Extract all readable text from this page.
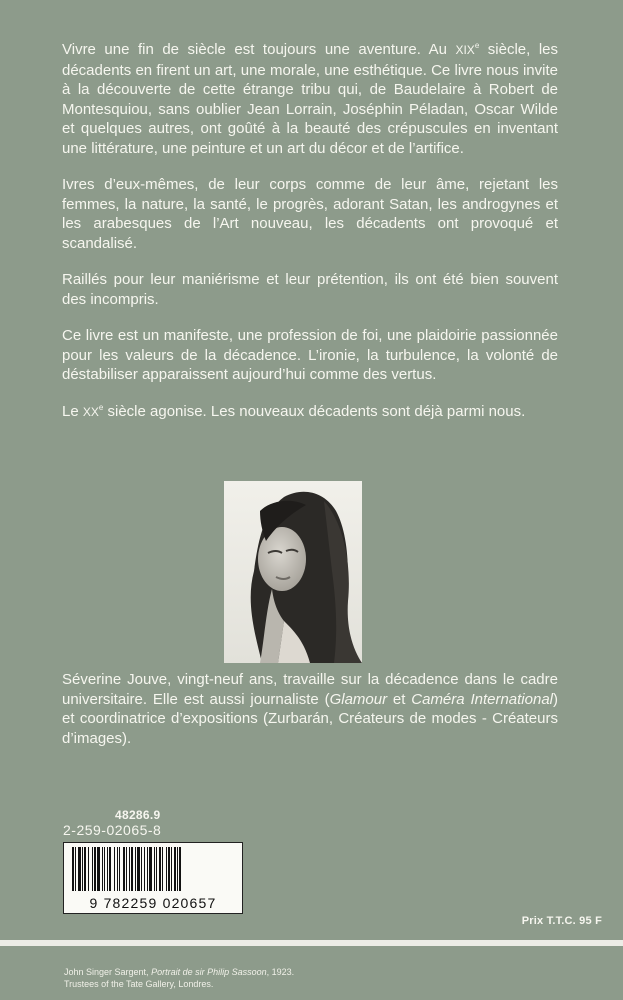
Vivre une fin de siècle est toujours une aventure. Au XIXe siècle, les décadents en firent un art, une morale, une esthétique. Ce livre nous invite à la découverte de cette étrange tribu qui, de Baudelaire à Robert de Montesquiou, sans oublier Jean Lorrain, Joséphin Péladan, Oscar Wilde et quelques autres, ont goûté à la beauté des crépuscules en inventant une littérature, une peinture et un art du décor et de l’artifice.

Ivres d’eux-mêmes, de leur corps comme de leur âme, rejetant les femmes, la nature, la santé, le progrès, adorant Satan, les androgynes et les arabesques de l’Art nouveau, les décadents ont provoqué et scandalisé.

Raillés pour leur maniérisme et leur prétention, ils ont été bien souvent des incompris.

Ce livre est un manifeste, une profession de foi, une plaidoirie passionnée pour les valeurs de la décadence. L’ironie, la turbulence, la volonté de déstabiliser apparaissent aujourd’hui comme des vertus.

Le XXe siècle agonise. Les nouveaux décadents sont déjà parmi nous.

Séverine Jouve, vingt-neuf ans, travaille sur la décadence dans le cadre universitaire. Elle est aussi journaliste (Glamour et Caméra International) et coordinatrice d’expositions (Zurbarán, Créateurs de modes - Créateurs d’images).
48286.9
2-259-02065-8
9 782259 020657
Prix T.T.C. 95 F
John Singer Sargent, Portrait de sir Philip Sassoon, 1923.
Trustees of the Tate Gallery, Londres.
